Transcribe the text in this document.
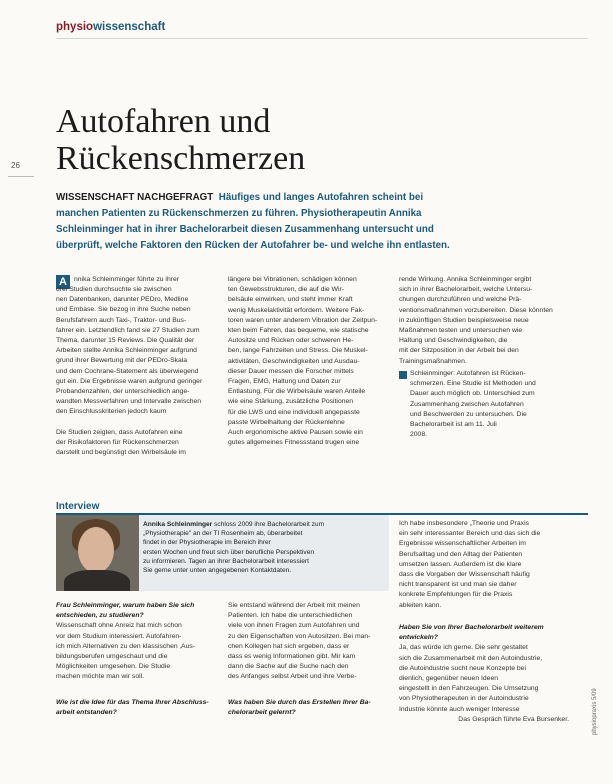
physiowissenschaft
26
Autofahren und
Rückenschmerzen
WISSENSCHAFT NACHGEFRAGT Häufiges und langes Autofahren scheint bei
manchen Patienten zu Rückenschmerzen zu führen. Physiotherapeutin Annika
Schleinminger hat in ihrer Bachelorarbeit diesen Zusammenhang untersucht und
überprüft, welche Faktoren den Rücken der Autofahrer be- und welche ihn entlasten.
A	nnika Schleinminger führte zu ihrer
drei Studien durchsuchte sie zwischen
nen Datenbanken, darunter PEDro, Medline
und Embase. Sie bezog in ihre Suche neben
Berufsfahrern auch Taxi-, Traktor- und Bus-
fahrer ein. Letztendlich fand sie 27 Studien zum
Thema, darunter 15 Reviews. Die Qualität der
Arbeiten stellte Annika Schleinminger aufgrund
grund ihrer Bewertung mit der PEDro-Skala
und dem Cochrane-Statement als überwiegend
gut ein. Die Ergebnisse waren aufgrund geringer
Probandenzahlen, der unterschiedlich ange-
wandten Messverfahren und Intervalle zwischen
den Einschlusskriterien jedoch kaum
Die Studien zeigten, dass Autofahren eine
der Risikofaktoren für Rückenschmerzen
darstellt und begünstigt den Wirbelsäule im
längere bei Vibrationen, schädigen können
ten Gewebsstrukturen, die auf die Wir-
belsäule einwirken, und steht immer Kraft
wenig Muskelaktivität erfordern. Weitere Fak-
toren waren unter anderem Vibration der Zeitpun-
kten beim Fahren, das bequeme, wie statische
Autositze und Rücken oder schweren He-
ben, lange Fahrzeiten und Stress. Die Muskel-
aktivitäten, Geschwindigkeiten und Ausdau-
dieser Dauer messen die Forscher mittels
Fragen, EMG, Haltung und Daten zur
Entlastung. Für die Wirbelsäule waren Anteile
wie eine Stärkung, zusätzliche Positionen
für die LWS und eine individuell angepasste
passte Wirbelhaltung der Rückenlehne
Auch ergonomische aktive Pausen sowie ein
gutes allgemeines Fitnessstand trugen eine
rende Wirkung. Annika Schleinminger ergibt
sich in ihrer Bachelorarbeit, welche Untersu-
chungen durchzuführen und welche Prä-
ventionsmaßnahmen vorzubereiten. Diese könnten
in zukünftigen Studien beispielsweise neue
Maßnahmen testen und untersuchen wie
Haltung und Geschwindigkeiten, die
mit der Sitzposition in der Arbeit bei den
Trainingsmaßnahmen.
Schleinminger: Autofahren ist Rücken-
schmerzen. Eine Studie ist Methoden und
Dauer auch möglich ob. Unterschied zum
Zusammenhang zwischen Autofahren
und Beschwerden zu untersuchen. Die
Bachelorarbeit ist am 11. Juli
2008.
Interview
Annika Schleinminger schloss 2009 ihre Bachelorarbeit zum
„Physiotherapie" an der TI Rosenheim ab, überarbeitet
findet in der Physiotherapie im Bereich ihrer
ersten Wochen und freut sich über berufliche Perspektiven
zu informieren. Tagen an ihrer Bachelorarbeit interessiert
Sie gerne unter unten angegebenen Kontaktdaten.
Frau Schleinminger, warum haben Sie sich
entschieden, zu studieren?
Wissenschaft ohne Anreiz hat mich schon
vor dem Studium interessiert. Autofahren-
ich mich Alternativen zu den klassischen ‚Aus-
bildungsberufen umgeschaut und die
Möglichkeiten umgesehen. Die Studie
machen möchte man wir soll.
Wie ist die Idee für das Thema Ihrer Abschluss-
arbeit entstanden?
Sie entstand während der Arbeit mit meinen
Patienten. Ich habe die unterschiedlichen
viele von ihnen Fragen zum Autofahren und
zu den Eigenschaften von Autositzen. Bei man-
chen Kollegen hat sich ergeben, dass er
dass es wenig Informationen gibt. Mir kam
dann die Sache auf die Suche nach den
des Anfanges selbst Arbeit und ihre Verbe-
Was haben Sie durch das Erstellen Ihrer Ba-
chelorarbeit gelernt?
Ich habe insbesondere „Theorie und Praxis
ein sehr interessanter Bereich und das sich die
Ergebnisse wissenschaftlicher Arbeiten im
Berufsalltag und den Alltag der Patienten
umsetzen lassen. Außerdem ist die klare
dass die Vorgaben der Wissenschaft häufig
nicht transparent ist und man sie daher
konkrete Empfehlungen für die Praxis
ableiten kann.
Haben Sie von Ihrer Bachelorarbeit weiterem
entwickeln?
Ja, das würde ich gerne. Die sehr gestaltet
sich die Zusammenarbeit mit den Autoindustrie,
die Autoindustrie sucht neue Konzepte bei
dienlich, gegenüber neuen Ideen
eingestellt in den Fahrzeugen. Die Umsetzung
von Physiotherapeuten in der Autoindustrie
Industrie könnte auch weniger Interesse
Das Gespräch führte Eva Bursenker.	physiopraxis 5/09
